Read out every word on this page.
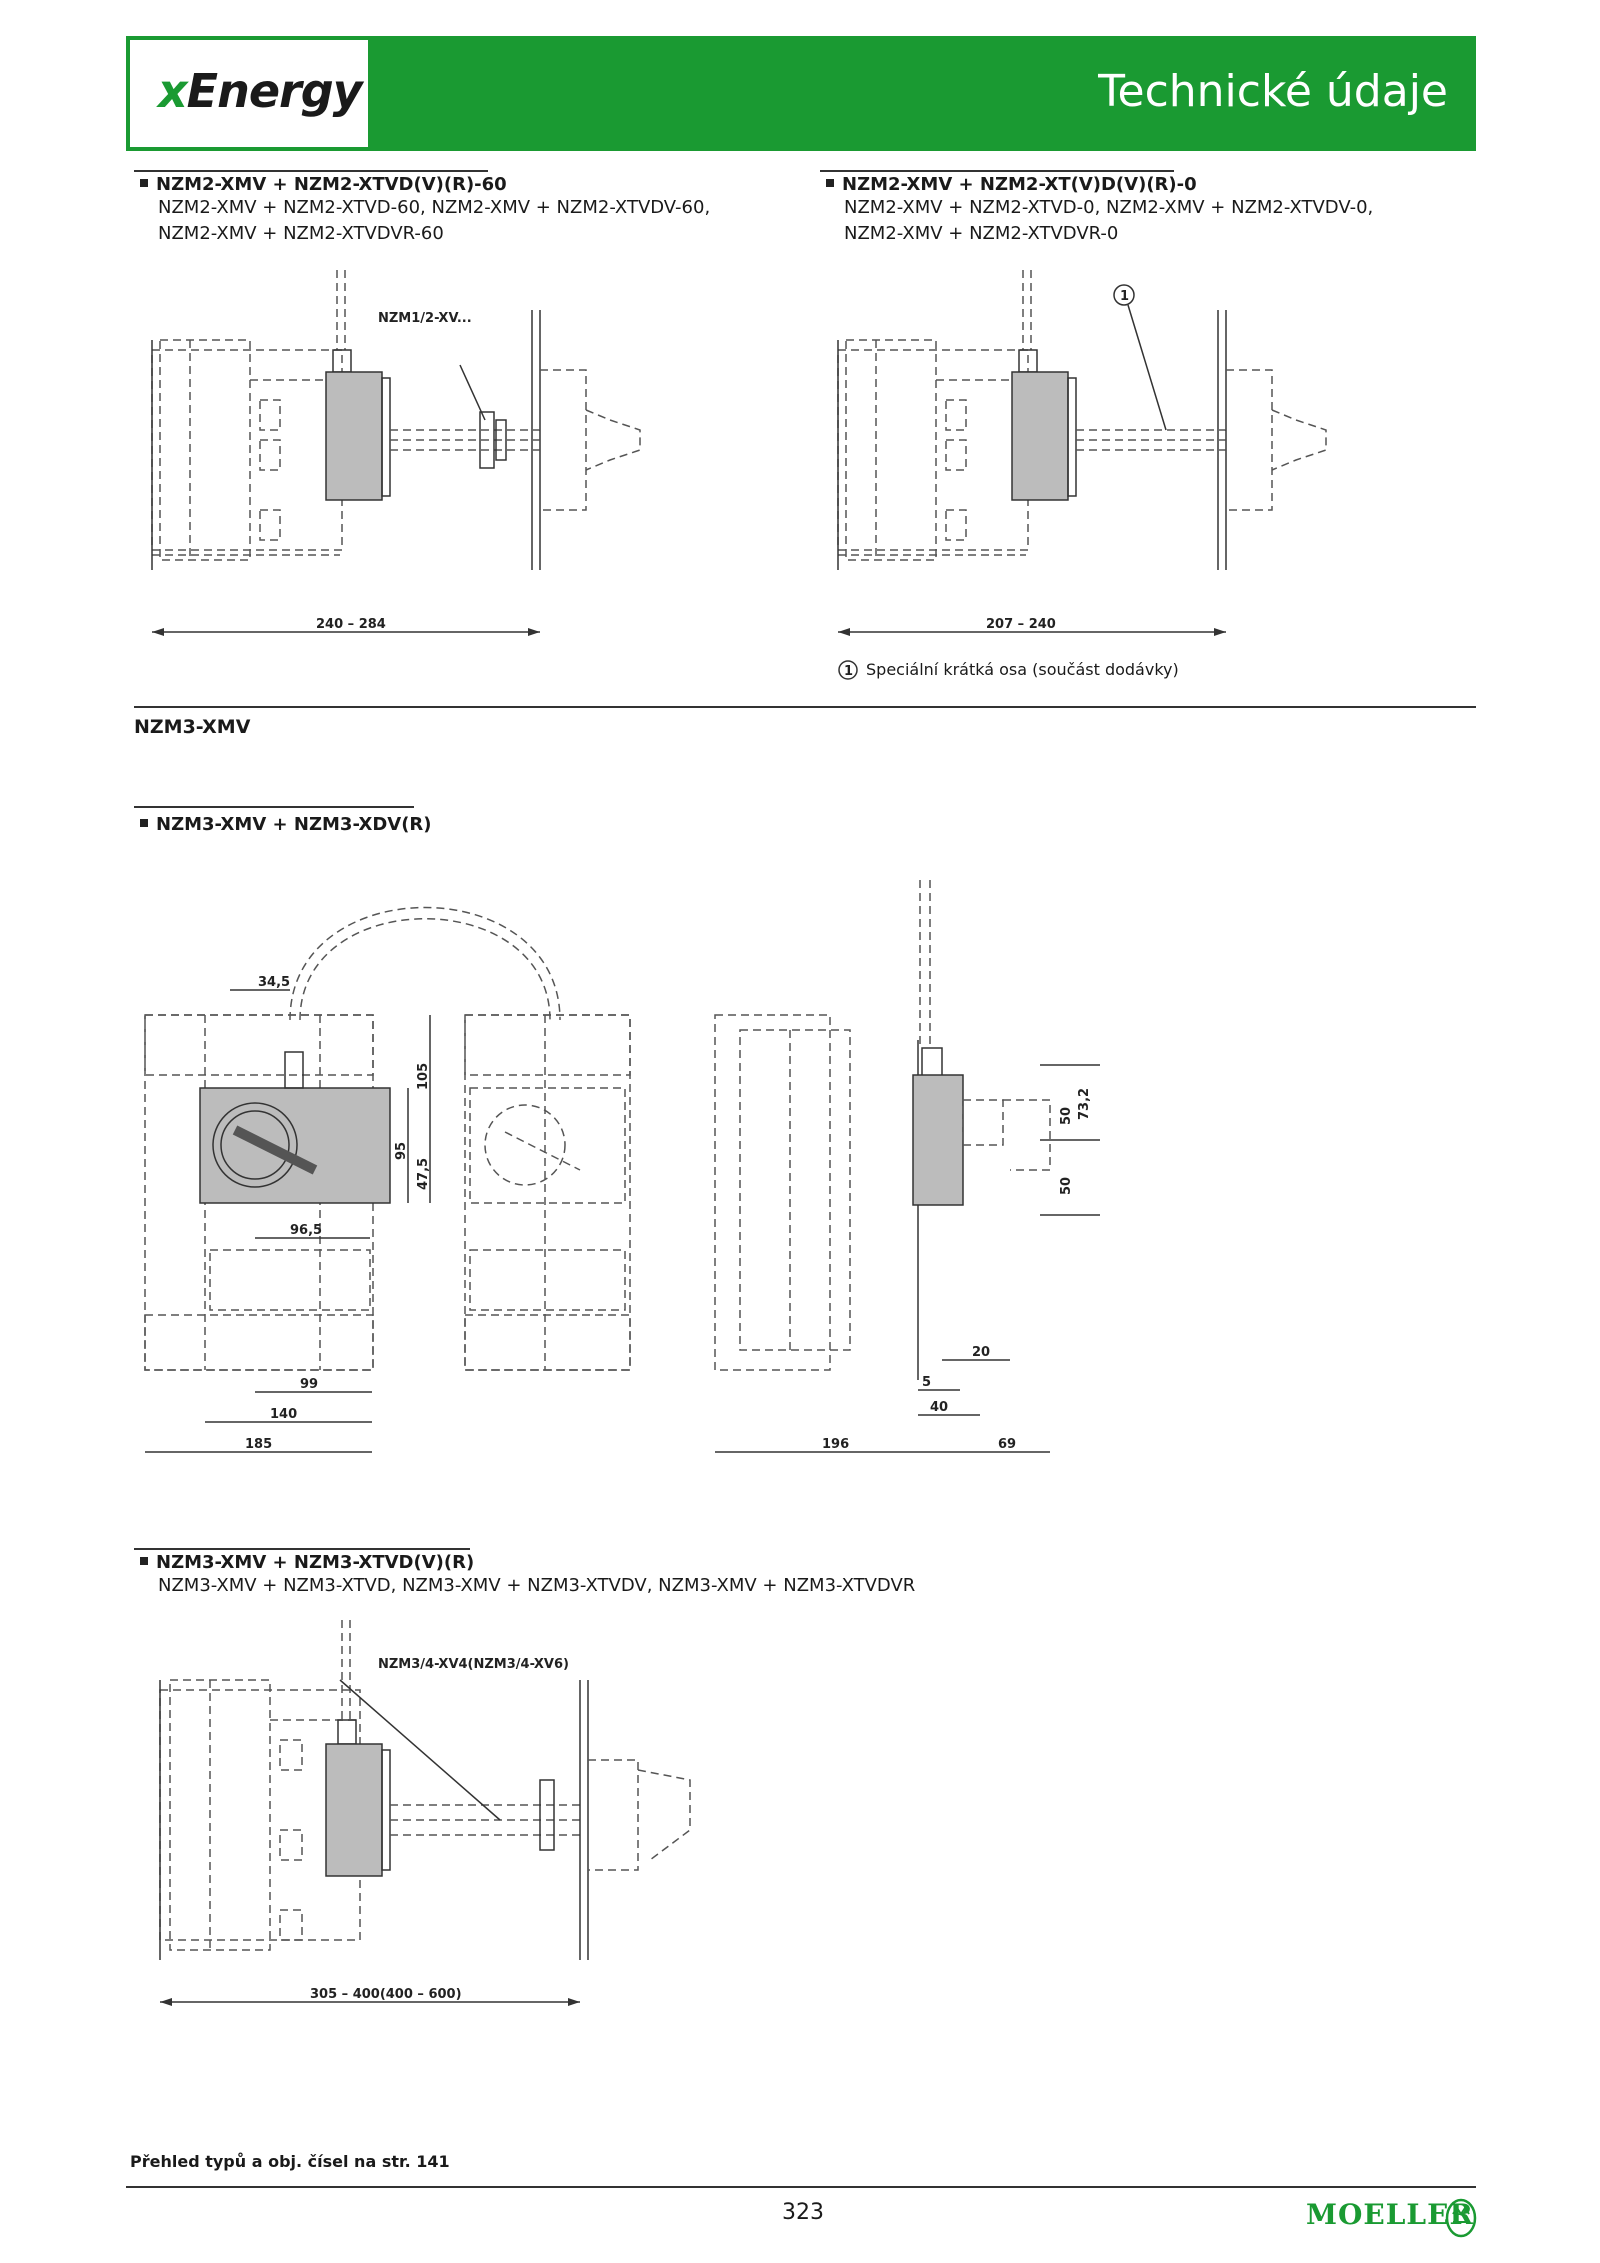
xEnergy	Technické údaje
NZM2-XMV + NZM2-XTVD(V)(R)-60
NZM2-XMV + NZM2-XTVD-60, NZM2-XMV + NZM2-XTVDV-60,
NZM2-XMV + NZM2-XTVDVR-60
NZM1/2-XV...
240 – 284
NZM2-XMV + NZM2-XT(V)D(V)(R)-0
NZM2-XMV + NZM2-XTVD-0, NZM2-XMV + NZM2-XTVDV-0,
NZM2-XMV + NZM2-XTVDVR-0
1
207 – 240
1 Speciální krátká osa (součást dodávky)
NZM3-XMV
NZM3-XMV + NZM3-XDV(R)
34,5
105
95
47,5
96,5
99
140
185
73,2
50
50
20
5
40
196	69
NZM3-XMV + NZM3-XTVD(V)(R)
NZM3-XMV + NZM3-XTVD, NZM3-XMV + NZM3-XTVDV, NZM3-XMV + NZM3-XTVDVR
NZM3/4-XV4(NZM3/4-XV6)
305 – 400(400 – 600)
Přehled typů a obj. čísel na str. 141
323	MOELLER
